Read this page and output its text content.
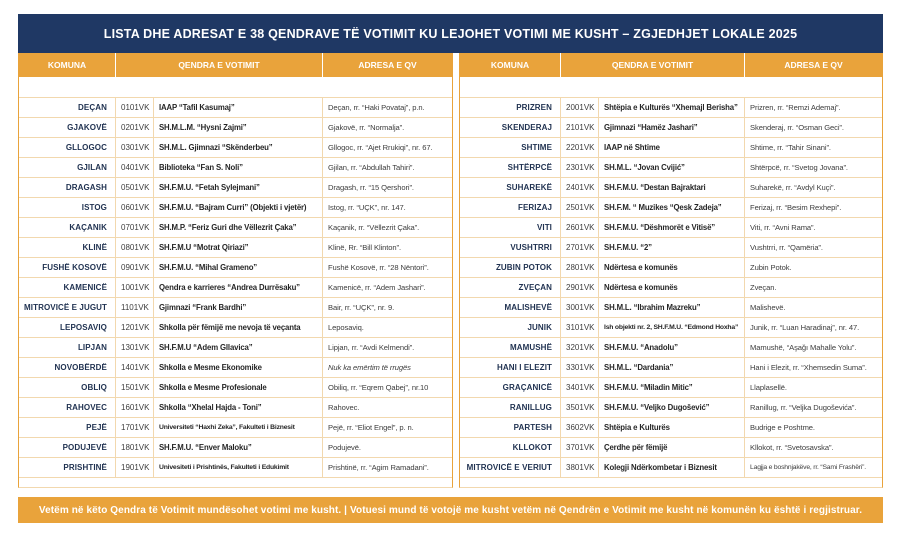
LISTA DHE ADRESAT E 38 QENDRAVE TË VOTIMIT KU LEJOHET VOTIMI ME KUSHT – ZGJEDHJET LOKALE 2025
KOMUNA	QENDRA E VOTIMIT		ADRESA E QV

DEÇAN	0101VK	IAAP “Tafil Kasumaj”	Deçan, rr. “Haki Povataj”, p.n.
GJAKOVË	0201VK	SH.M.L.M. “Hysni Zajmi”	Gjakovë, rr. “Normalja”.
GLLOGOC	0301VK	SH.M.L. Gjimnazi “Skënderbeu”	Gllogoc, rr. “Ajet Rrukiqi”, nr. 67.
GJILAN	0401VK	Biblioteka “Fan S. Noli”	Gjilan, rr. “Abdullah Tahiri”.
DRAGASH	0501VK	SH.F.M.U. “Fetah Sylejmani”	Dragash, rr. “15 Qershori”.
ISTOG	0601VK	SH.F.M.U. “Bajram Curri” (Objekti i vjetër)	Istog, rr. “UÇK”, nr. 147.
KAÇANIK	0701VK	SH.M.P. “Feriz Guri dhe Vëllezrit Çaka”	Kaçanik, rr. “Vëllezrit Çaka”.
KLINË	0801VK	SH.F.M.U “Motrat Qiriazi”	Klinë, Rr. “Bill Klinton”.
FUSHË KOSOVË	0901VK	SH.F.M.U. “Mihal Grameno”	Fushë Kosovë, rr. “28 Nëntori”.
KAMENICË	1001VK	Qendra e karrieres “Andrea Durrësaku”	Kamenicë, rr. “Adem Jashari”.
MITROVICË E JUGUT	1101VK	Gjimnazi “Frank Bardhi”	Bair, rr. “UÇK”, nr. 9.
LEPOSAVIQ	1201VK	Shkolla për fëmijë me nevoja të veçanta	Leposaviq.
LIPJAN	1301VK	SH.F.M.U “Adem Gllavica”	Lipjan, rr. “Avdi Kelmendi”.
NOVOBËRDË	1401VK	Shkolla e Mesme Ekonomike	Nuk ka emërtim të rrugës
OBLIQ	1501VK	Shkolla e Mesme Profesionale	Obiliq, rr. “Eqrem Qabej”, nr.10
RAHOVEC	1601VK	Shkolla “Xhelal Hajda - Toni”	Rahovec.
PEJË	1701VK	Universiteti “Haxhi Zeka”, Fakulteti i Biznesit	Pejë, rr. “Eliot Engel”, p. n.
PODUJEVË	1801VK	SH.F.M.U. “Enver Maloku”	Podujevë.
PRISHTINË	1901VK	Univesiteti i Prishtinës, Fakulteti i Edukimit	Prishtinë, rr. “Agim Ramadani”.

KOMUNA	QENDRA E VOTIMIT		ADRESA E QV

PRIZREN	2001VK	Shtëpia e Kulturës “Xhemajl Berisha”	Prizren, rr. “Remzi Ademaj”.
SKENDERAJ	2101VK	Gjimnazi “Hamëz Jashari”	Skenderaj, rr. “Osman Geci”.
SHTIME	2201VK	IAAP në Shtime	Shtime, rr. “Tahir Sinani”.
SHTËRPCË	2301VK	SH.M.L. “Jovan Cvijić”	Shtërpcë, rr. “Svetog Jovana”.
SUHAREKË	2401VK	SH.F.M.U. “Destan Bajraktari	Suharekë, rr. “Avdyl Kuçi”.
FERIZAJ	2501VK	SH.F.M. “ Muzikes “Qesk Zadeja”	Ferizaj, rr. “Besim Rexhepi”.
VITI	2601VK	SH.F.M.U. “Dëshmorët e Vitisë”	Viti, rr. “Avni Rama”.
VUSHTRRI	2701VK	SH.F.M.U. “2”	Vushtrri, rr. “Qamëria”.
ZUBIN POTOK	2801VK	Ndërtesa e komunës	Zubin Potok.
ZVEÇAN	2901VK	Ndërtesa e komunës	Zveçan.
MALISHEVË	3001VK	SH.M.L. “Ibrahim Mazreku”	Malishevë.
JUNIK	3101VK	Ish objekti nr. 2, SH.F.M.U. “Edmond Hoxha”	Junik, rr. “Luan Haradinaj”, nr. 47.
MAMUSHË	3201VK	SH.F.M.U. “Anadolu”	Mamushë, “Aşağı Mahalle Yolu”.
HANI I ELEZIT	3301VK	SH.M.L. “Dardania”	Hani i Elezit, rr. “Xhemsedin Suma”.
GRAÇANICË	3401VK	SH.F.M.U. “Miladin Mitic”	Llaplasellë.
RANILLUG	3501VK	SH.F.M.U. “Veljko Dugošević”	Ranillug, rr. “Veljka Dugoševića”.
PARTESH	3602VK	Shtëpia e Kulturës	Budrige e Poshtme.
KLLOKOT	3701VK	Çerdhe për fëmijë	Kllokot, rr. “Svetosavska”.
MITROVICË E VERIUT	3801VK	Kolegji Ndërkombetar i Biznesit	Lagjja e boshnjakëve, rr. “Sami Frashëri”.

Vetëm në këto Qendra të Votimit mundësohet votimi me kusht. | Votuesi mund të votojë me kusht vetëm në Qendrën e Votimit me kusht në komunën ku është i regjistruar.
